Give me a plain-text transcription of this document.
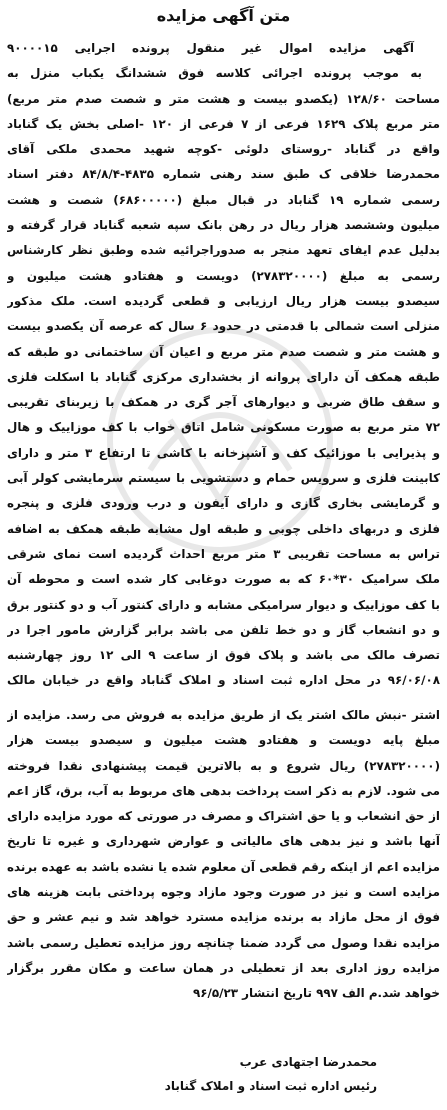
متن آگهی مزایده
آگهی مزایده اموال غیر منقول پرونده اجرایی ۹۰۰۰۰۱۵
به موجب پرونده اجرائی کلاسه فوق ششدانگ یکباب منزل به
مساحت ۱۲۸/۶۰ (یکصدو بیست و هشت متر و شصت صدم متر مربع)
متر مربع پلاک ۱۶۲۹ فرعی از ۷ فرعی از ۱۲۰ -اصلی بخش یک گناباد
واقع در گناباد -روستای دلوئی -کوچه شهید محمدی ملکی آقای
محمدرضا خلاقی ک طبق سند رهنی شماره ۴۸۳۵-۸۴/۸/۴ دفتر اسناد
رسمی شماره ۱۹ گناباد در قبال مبلغ (۶۸۶۰۰۰۰۰) شصت و هشت
میلیون وششصد هزار ریال در رهن بانک سپه شعبه گناباد قرار گرفته و
بدلیل عدم ایفای تعهد منجر به صدوراجرائیه شده وطبق نظر کارشناس
رسمی به مبلغ (۲۷۸۳۲۰۰۰۰) دویست و هفتادو هشت میلیون و
سیصدو بیست هزار ریال ارزیابی و قطعی گردیده است. ملک مذکور
منزلی است شمالی با قدمتی در حدود ۶ سال که عرصه آن یکصدو بیست
و هشت متر و شصت صدم متر مربع و اعیان آن ساختمانی دو طبقه که
طبقه همکف آن دارای پروانه از بخشداری مرکزی گناباد با اسکلت فلزی
و سقف طاق ضربی و دیوارهای آجر گری در همکف با زیربنای تقریبی
۷۲ متر مربع به صورت مسکونی شامل اتاق خواب با کف موزاییک و هال
و پذیرایی با موزائیک کف و آشپزخانه با کاشی تا ارتفاع ۳ متر و دارای
کابینت فلزی و سرویس حمام و دستشویی با سیستم سرمایشی کولر آبی
و گرمایشی بخاری گازی و دارای آیفون و درب ورودی فلزی و پنجره
فلزی و دربهای داخلی چوبی و طبقه اول مشابه طبقه همکف به اضافه
تراس به مساحت تقریبی ۳ متر مربع احداث گردیده است نمای شرقی
ملک سرامیک ۳۰*۶۰ که به صورت دوغابی کار شده است و محوطه آن
با کف موزاییک و دیوار سرامیکی مشابه و دارای کنتور آب و دو کنتور برق
و دو انشعاب گاز و دو خط تلفن می باشد برابر گزارش مامور اجرا در
تصرف مالک می باشد و پلاک فوق از ساعت ۹ الی ۱۲ روز چهارشنبه
۹۶/۰۶/۰۸ در محل اداره ثبت اسناد و املاک گناباد واقع در خیابان مالک
اشتر -نبش مالک اشتر یک از طریق مزایده به فروش می رسد. مزایده از
مبلغ پایه دویست و هفتادو هشت میلیون و سیصدو بیست هزار
(۲۷۸۳۲۰۰۰۰) ریال شروع و به بالاترین قیمت پیشنهادی نقدا فروخته
می شود. لازم به ذکر است پرداخت بدهی های مربوط به آب، برق، گاز اعم
از حق انشعاب و یا حق اشتراک و مصرف در صورتی که مورد مزایده دارای
آنها باشد و نیز بدهی های مالیاتی و عوارض شهرداری و غیره تا تاریخ
مزایده اعم از اینکه رقم قطعی آن معلوم شده یا نشده باشد به عهده برنده
مزایده است و نیز در صورت وجود مازاد وجوه پرداختی بابت هزینه های
فوق از محل مازاد به برنده مزایده مسترد خواهد شد و نیم عشر و حق
مزایده نقدا وصول می گردد ضمنا چنانچه روز مزایده تعطیل رسمی باشد
مزایده روز اداری بعد از تعطیلی در همان ساعت و مکان مقرر برگزار
خواهد شد.م الف ۹۹۷ تاریخ انتشار ۹۶/۵/۲۳
محمدرضا اجتهادی عرب
رئیس اداره ثبت اسناد و املاک گناباد
